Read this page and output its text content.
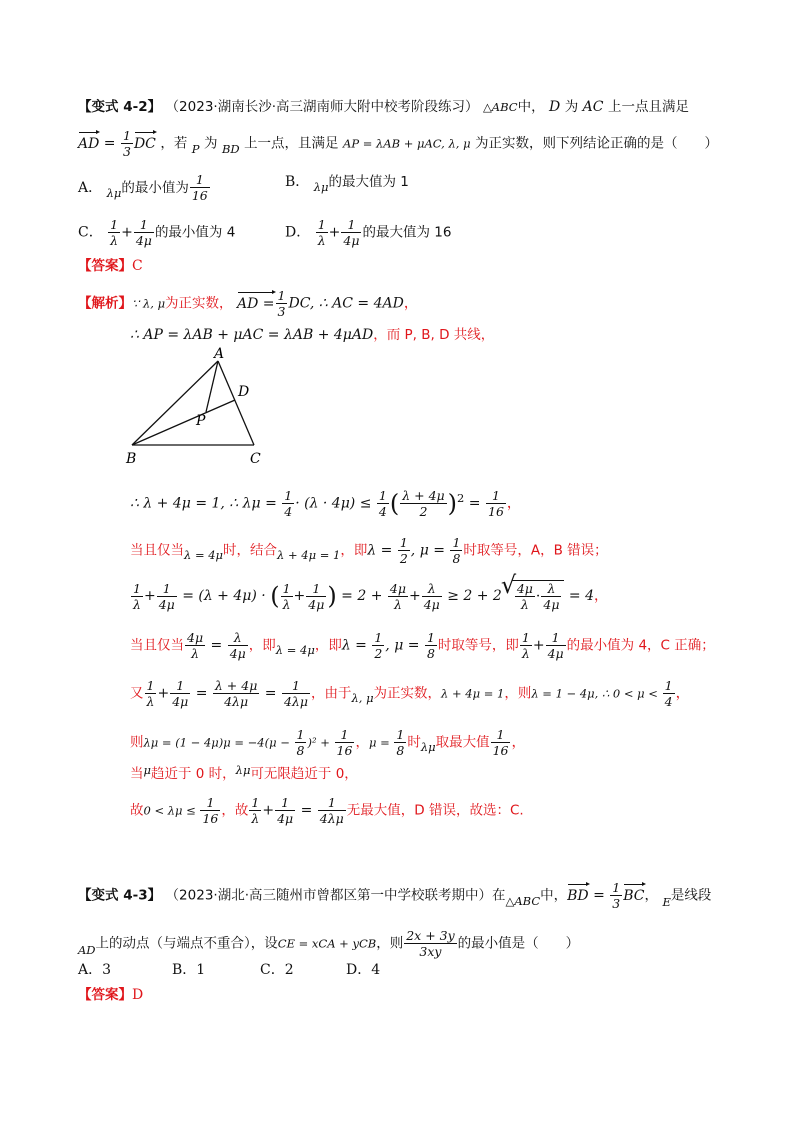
【变式 4-2】 （2023·湖南长沙·高三湖南师大附中校考阶段练习） △ABC中， D 为 AC 上一点且满足
AD = $\frac{1}{3}$ DC ，若 $_P$ 为 $_{BD}$ 上一点，且满足 AP = λAB + μAC, λ, μ 为正实数，则下列结论正确的是（　　）
A． $_{\lambda\mu}$的最小值为 $\frac{1}{16}$	B． $_{\lambda\mu}$的最大值为 1
C． $\frac{1}{\lambda} + \frac{1}{4\mu}$ 的最小值为 4	D． $\frac{1}{\lambda} + \frac{1}{4\mu}$ 的最大值为 16
【答案】C
【解析】∵ λ, μ为正实数， AD = $\frac{1}{3}$ DC, ∴ AC = 4AD，
∴ AP = λAB + μAC = λAB + 4μAD，而 P, B, D 共线，
A
D
P
B	C
∴ λ + 4μ = 1, ∴ $\lambda\mu = \frac{1}{4} \cdot (\lambda \cdot 4\mu) \le \frac{1}{4}$ ( $\frac{\lambda + 4\mu}{2} )^2 = \frac{1}{16}$ ，
当且仅当$_{\lambda = 4\mu}$时，结合$_{\lambda + 4\mu = 1}$，即$\lambda = \frac{1}{2}$ , $\mu = \frac{1}{8}$ 时取等号，A，B 错误；
$\frac{1}{\lambda} + \frac{1}{4\mu} = (\lambda + 4\mu)$ · ( $\frac{1}{\lambda} + \frac{1}{4\mu}$ ) = $2 + \frac{4\mu}{\lambda} + \frac{\lambda}{4\mu} \ge 2 + 2$
√ $\frac{4\mu}{\lambda} \cdot \frac{\lambda}{4\mu} = 4$，
当且仅当 $\frac{4\mu}{\lambda} = \frac{\lambda}{4\mu}$ ，即$_{\lambda = 4\mu}$，即$\lambda = \frac{1}{2}$ , $\mu = \frac{1}{8}$ 时取等号，即 $\frac{1}{\lambda} + \frac{1}{4\mu}$ 的最小值为 4，C 正确；
又 $\frac{1}{\lambda} + \frac{1}{4\mu} = \frac{\lambda + 4\mu}{4\lambda\mu} = \frac{1}{4\lambda\mu}$ ，由于$_{\lambda, \mu}$为正实数，λ + 4μ = 1，则λ = 1 − 4μ, ∴ $0 < \mu < \frac{1}{4}$ ，
则$\lambda\mu = (1 - 4\mu)\mu = -4(\mu - \frac{1}{8} )^2 + \frac{1}{16}$ ，$\mu = \frac{1}{8}$ 时$_{\lambda\mu}$取最大值 $\frac{1}{16}$ ，
当$^\mu$趋近于 0 时，$^{\lambda\mu}$可无限趋近于 0，
故$0 < \lambda\mu \le \frac{1}{16}$ ，故 $\frac{1}{\lambda} + \frac{1}{4\mu} = \frac{1}{4\lambda\mu}$ 无最大值，D 错误，故选：C.
【变式 4-3】 （2023·湖北·高三随州市曾都区第一中学校联考期中）在$_{\triangle ABC}$中，BD = $\frac{1}{3}$ BC， $_E$是线段
$_{AD}$上的动点（与端点不重合），设CE = xCA + yCB，则 $\frac{2x + 3y}{3xy}$ 的最小值是（　　）
A．3	B．1	C．2	D．4
【答案】D
